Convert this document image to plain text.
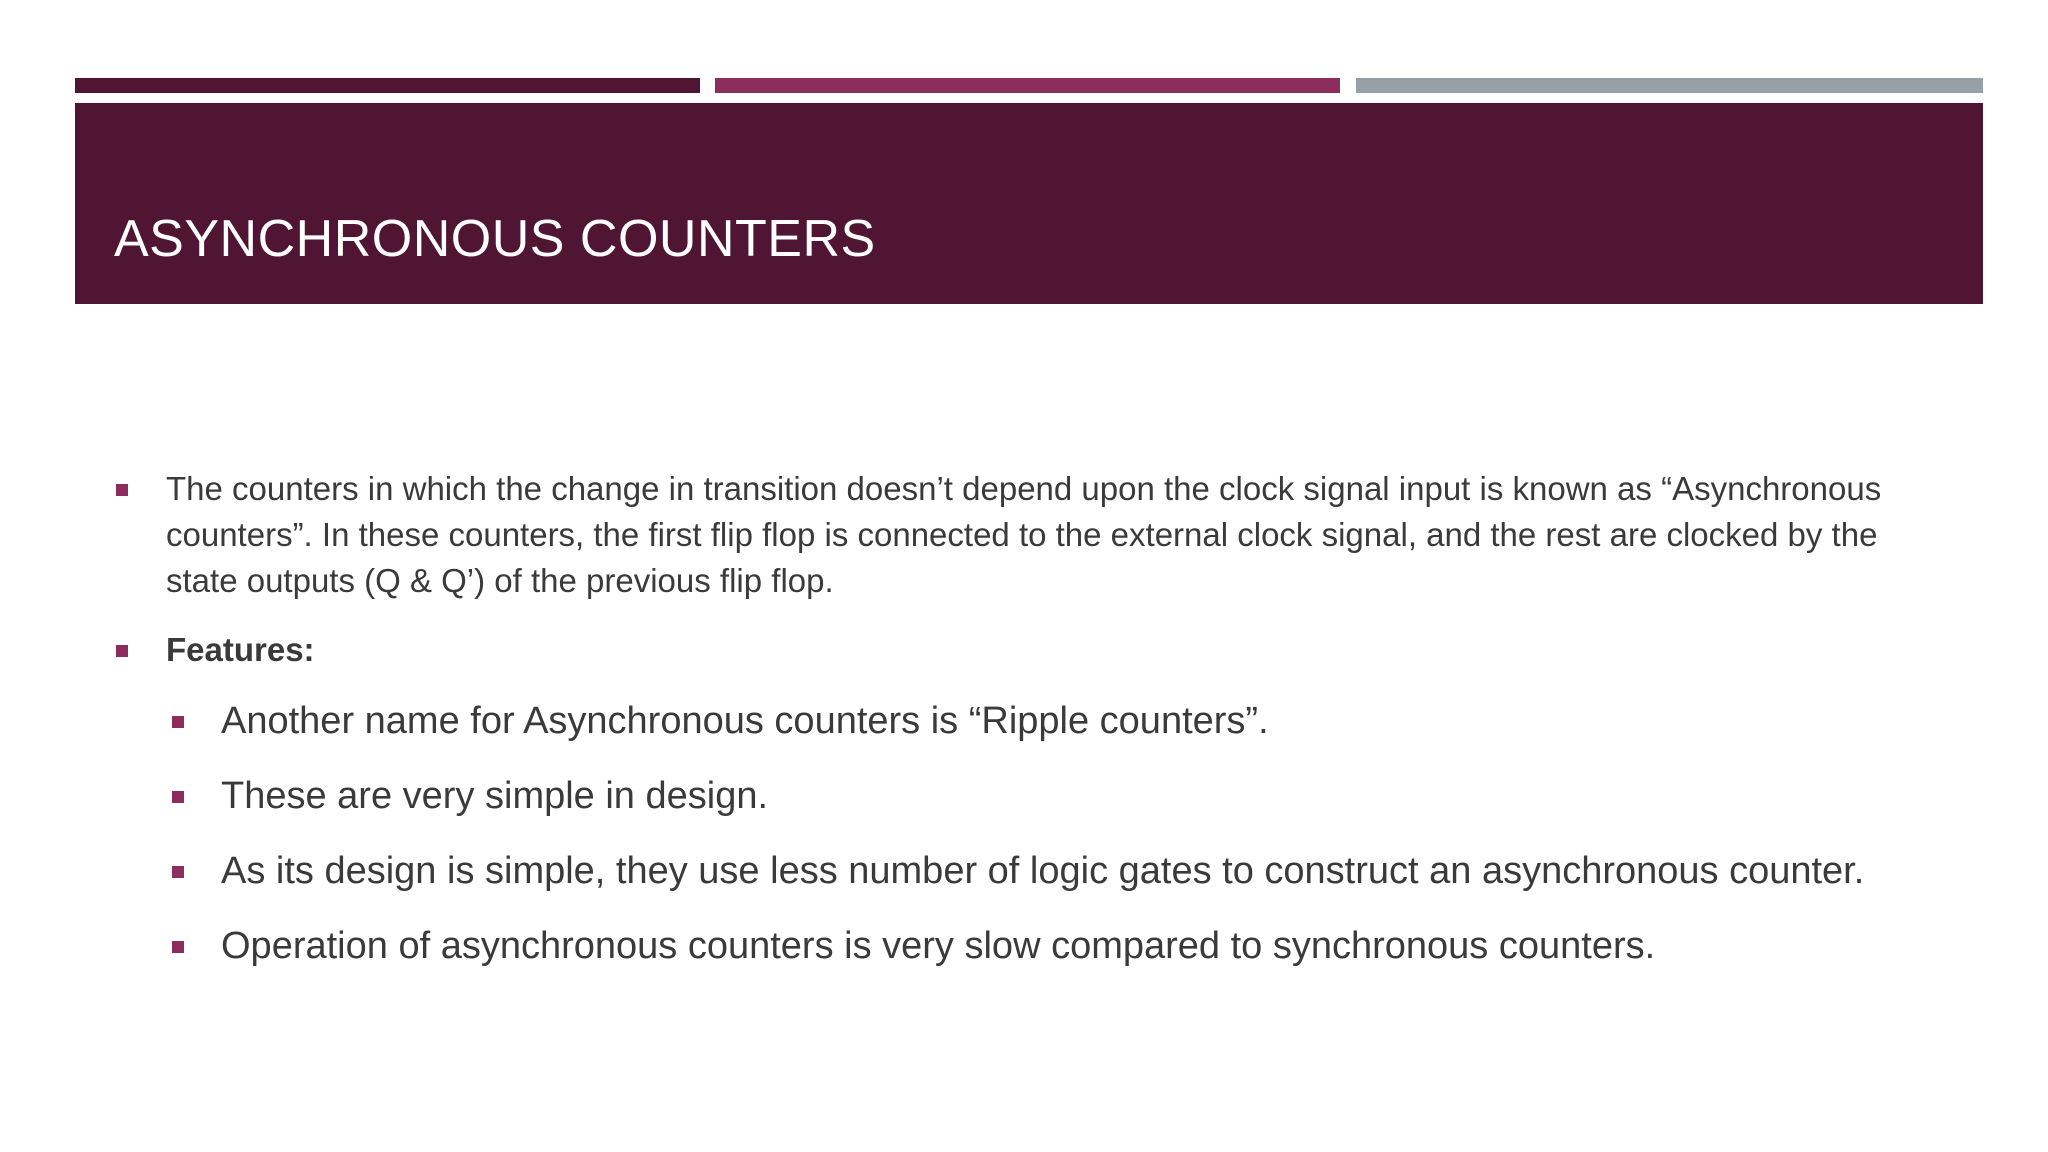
ASYNCHRONOUS COUNTERS
The counters in which the change in transition doesn’t depend upon the clock signal input is known as “Asynchronous counters”. In these counters, the first flip flop is connected to the external clock signal, and the rest are clocked by the state outputs (Q & Q’) of the previous flip flop.
Features:
Another name for Asynchronous counters is “Ripple counters”.
These are very simple in design.
As its design is simple, they use less number of logic gates to construct an asynchronous counter.
Operation of asynchronous counters is very slow compared to synchronous counters.
